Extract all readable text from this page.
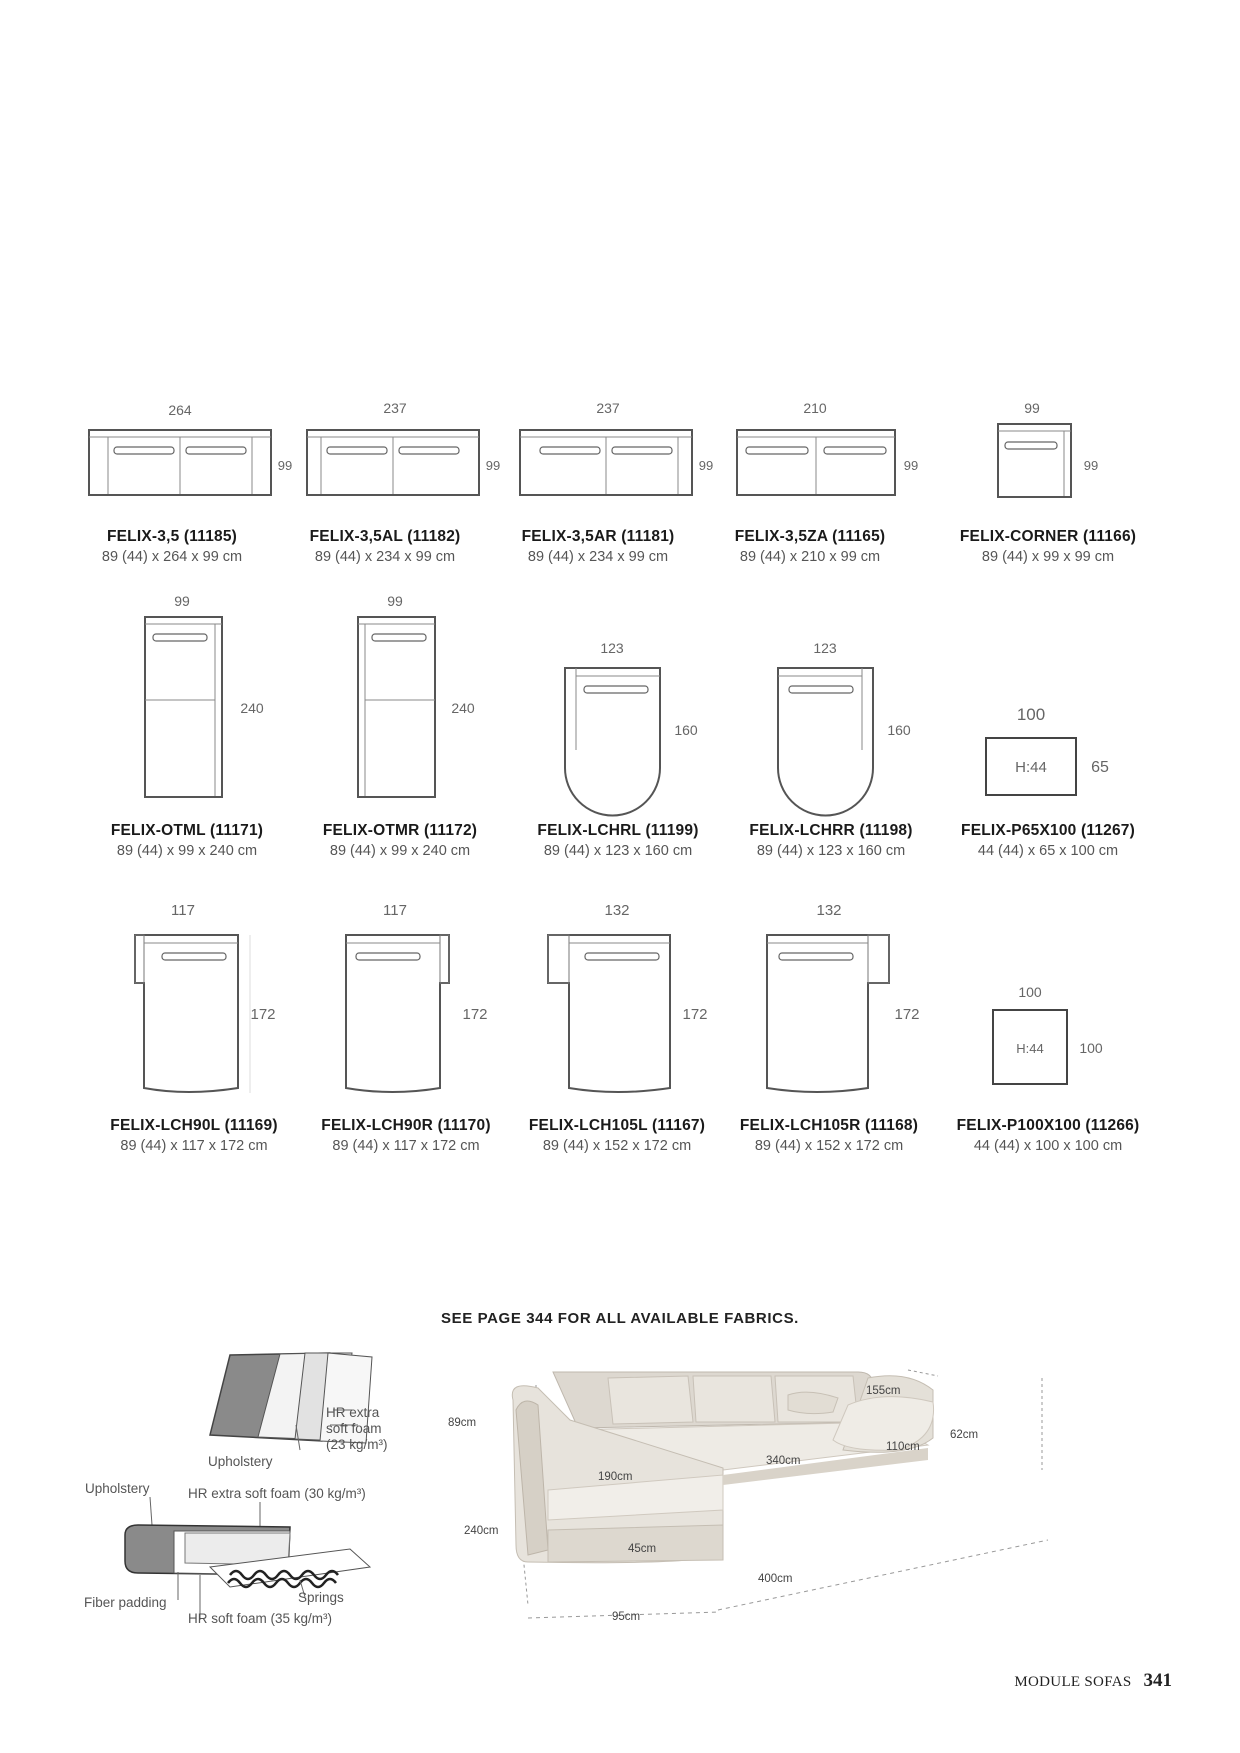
264
99
FELIX-3,5 (11185)
89 (44) x 264 x 99 cm
237
99
FELIX-3,5AL (11182)
89 (44) x 234 x 99 cm
237
99
FELIX-3,5AR (11181)
89 (44) x 234 x 99 cm
210
99
FELIX-3,5ZA (11165)
89 (44) x 210 x 99 cm
99
99
FELIX-CORNER (11166)
89 (44) x 99 x 99 cm
99
240
FELIX-OTML (11171)
89 (44) x 99 x 240 cm
99
240
FELIX-OTMR (11172)
89 (44) x 99 x 240 cm
123
160
FELIX-LCHRL (11199)
89 (44) x 123 x 160 cm
123
160
FELIX-LCHRR (11198)
89 (44) x 123 x 160 cm
100
H:44	65
FELIX-P65X100 (11267)
44 (44) x 65 x 100 cm
117
172
FELIX-LCH90L (11169)
89 (44) x 117 x 172 cm
117
172
FELIX-LCH90R (11170)
89 (44) x 117 x 172 cm
132
172
FELIX-LCH105L (11167)
89 (44) x 152 x 172 cm
132
172
FELIX-LCH105R (11168)
89 (44) x 152 x 172 cm
100
H:44	100
FELIX-P100X100 (11266)
44 (44) x 100 x 100 cm
SEE PAGE 344 FOR ALL AVAILABLE FABRICS.
HR extra
soft foam
(23 kg/m³)
Upholstery
Upholstery	HR extra soft foam (30 kg/m³)
Fiber padding	Springs
HR soft foam (35 kg/m³)
89cm
155cm
62cm
110cm
340cm
190cm
240cm
45cm
400cm
95cm
MODULE SOFAS 341
